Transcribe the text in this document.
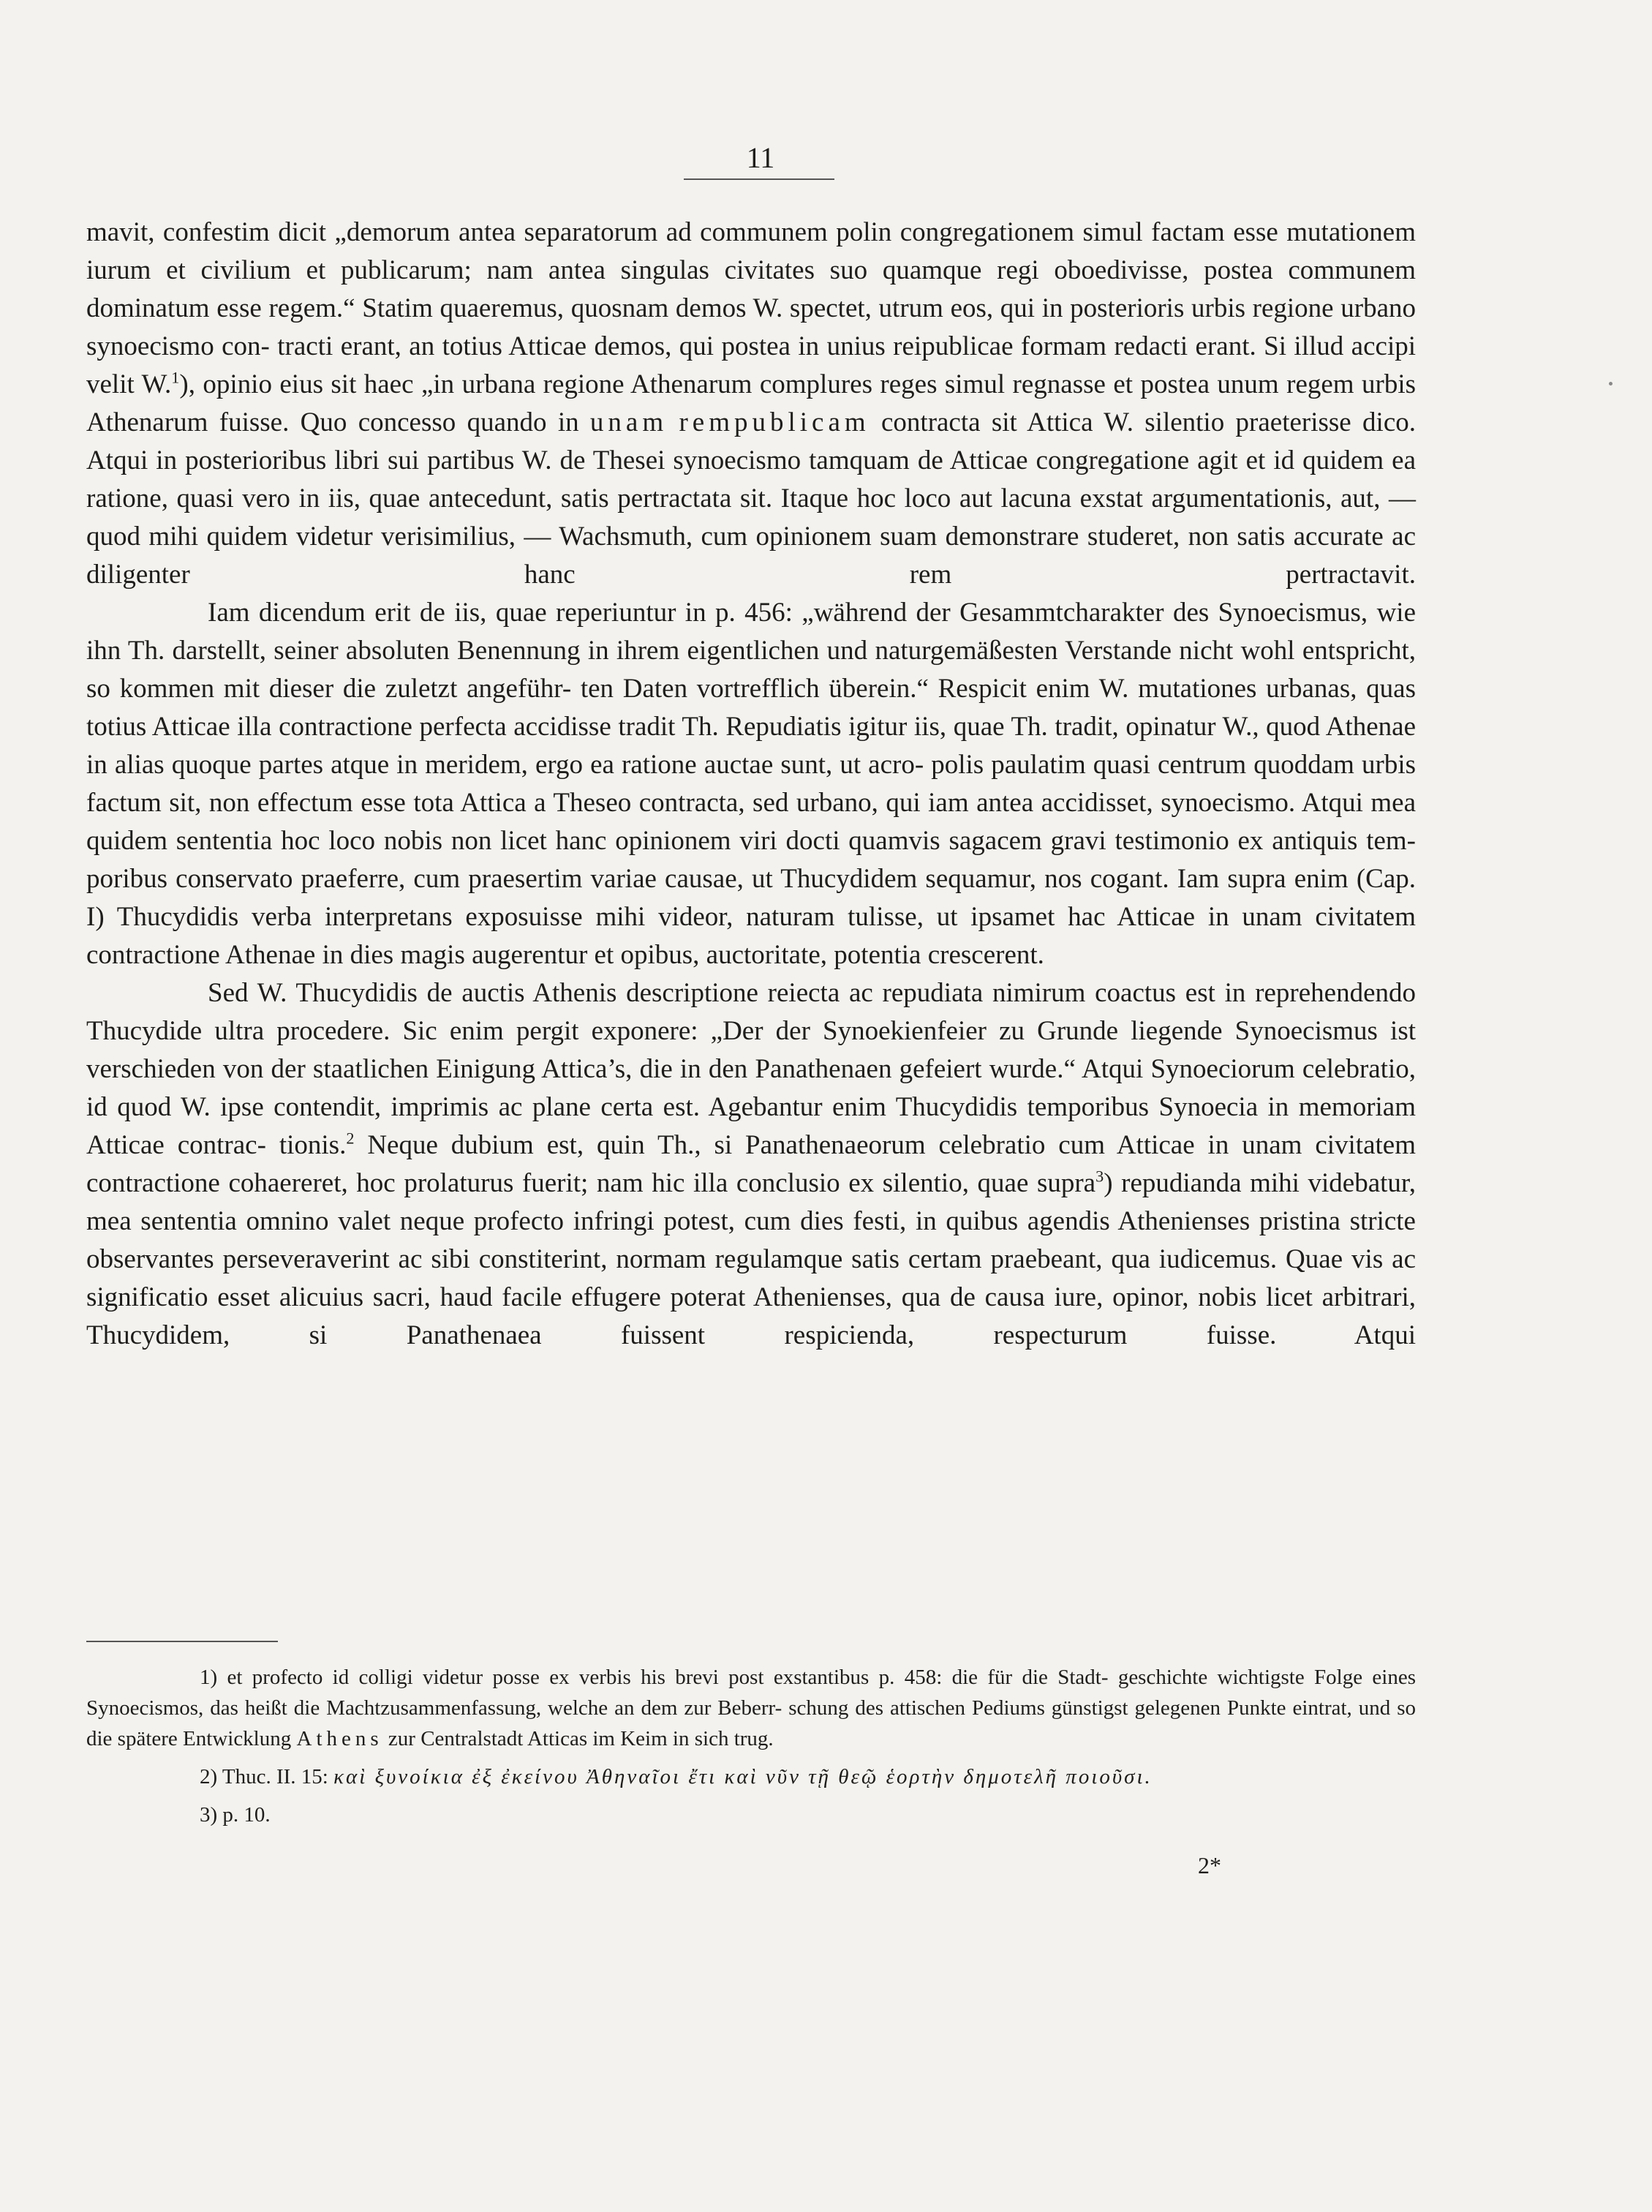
11

mavit, confestim dicit „demorum antea separatorum ad communem polin congregationem simul factam esse mutationem iurum et civilium et publicarum; nam antea singulas civitates suo quamque regi oboedivisse, postea communem dominatum esse regem.“ Statim quaeremus, quosnam demos W. spectet, utrum eos, qui in posterioris urbis regione urbano synoecismo con- tracti erant, an totius Atticae demos, qui postea in unius reipublicae formam redacti erant. Si illud accipi velit W.$^1$), opinio eius sit haec „in urbana regione Athenarum complures reges simul regnasse et postea unum regem urbis Athenarum fuisse. Quo concesso quando in unam rempublicam contracta sit Attica W. silentio praeterisse dico. Atqui in posterioribus libri sui partibus W. de Thesei synoecismo tamquam de Atticae congregatione agit et id quidem ea ratione, quasi vero in iis, quae antecedunt, satis pertractata sit. Itaque hoc loco aut lacuna exstat argumentationis, aut, — quod mihi quidem videtur verisimilius, — Wachsmuth, cum opinionem suam demonstrare studeret, non satis accurate ac diligenter hanc rem pertractavit.

Iam dicendum erit de iis, quae reperiuntur in p. 456: „während der Gesammtcharakter des Synoecismus, wie ihn Th. darstellt, seiner absoluten Benennung in ihrem eigentlichen und naturgemäßesten Verstande nicht wohl entspricht, so kommen mit dieser die zuletzt angeführ- ten Daten vortrefflich überein.“ Respicit enim W. mutationes urbanas, quas totius Atticae illa contractione perfecta accidisse tradit Th. Repudiatis igitur iis, quae Th. tradit, opinatur W., quod Athenae in alias quoque partes atque in meridem, ergo ea ratione auctae sunt, ut acro- polis paulatim quasi centrum quoddam urbis factum sit, non effectum esse tota Attica a Theseo contracta, sed urbano, qui iam antea accidisset, synoecismo. Atqui mea quidem sententia hoc loco nobis non licet hanc opinionem viri docti quamvis sagacem gravi testimonio ex antiquis tem- poribus conservato praeferre, cum praesertim variae causae, ut Thucydidem sequamur, nos cogant. Iam supra enim (Cap. I) Thucydidis verba interpretans exposuisse mihi videor, naturam tulisse, ut ipsamet hac Atticae in unam civitatem contractione Athenae in dies magis augerentur et opibus, auctoritate, potentia crescerent.

Sed W. Thucydidis de auctis Athenis descriptione reiecta ac repudiata nimirum coactus est in reprehendendo Thucydide ultra procedere. Sic enim pergit exponere: „Der der Synoekienfeier zu Grunde liegende Synoecismus ist verschieden von der staatlichen Einigung Attica’s, die in den Panathenaen gefeiert wurde.“ Atqui Synoeciorum celebratio, id quod W. ipse contendit, imprimis ac plane certa est. Agebantur enim Thucydidis temporibus Synoecia in memoriam Atticae contrac- tionis.$^2$ Neque dubium est, quin Th., si Panathenaeorum celebratio cum Atticae in unam civitatem contractione cohaereret, hoc prolaturus fuerit; nam hic illa conclusio ex silentio, quae supra$^3$) repudianda mihi videbatur, mea sententia omnino valet neque profecto infringi potest, cum dies festi, in quibus agendis Athenienses pristina stricte observantes perseveraverint ac sibi constiterint, normam regulamque satis certam praebeant, qua iudicemus. Quae vis ac significatio esset alicuius sacri, haud facile effugere poterat Athenienses, qua de causa iure, opinor, nobis licet arbitrari, Thucydidem, si Panathenaea fuissent respicienda, respecturum fuisse. Atqui

1) et profecto id colligi videtur posse ex verbis his brevi post exstantibus p. 458: die für die Stadt- geschichte wichtigste Folge eines Synoecismos, das heißt die Machtzusammenfassung, welche an dem zur Beberr- schung des attischen Pediums günstigst gelegenen Punkte eintrat, und so die spätere Entwicklung Athens zur Centralstadt Atticas im Keim in sich trug.

2) Thuc. II. 15: καὶ ξυνοίκια ἐξ ἐκείνου Ἀθηναῖοι ἔτι καὶ νῦν τῇ θεῷ ἑορτὴν δημοτελῆ ποιοῦσι.

3) p. 10.

2*
